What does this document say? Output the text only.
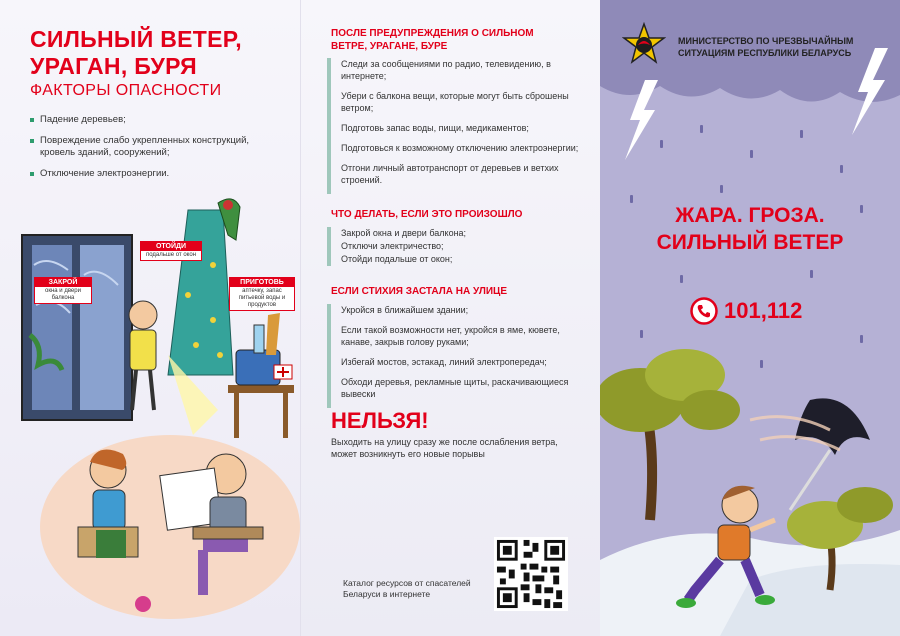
СИЛЬНЫЙ ВЕТЕР,
УРАГАН, БУРЯ
ФАКТОРЫ ОПАСНОСТИ
Падение деревьев;
Повреждение слабо укрепленных конструкций, кровель зданий, сооружений;
Отключение электроэнергии.
ЗАКРОЙ
окна и двери балкона
ОТОЙДИ
подальше от окон
ПРИГОТОВЬ
аптечку, запас питьевой воды и продуктов
ПОСЛЕ ПРЕДУПРЕЖДЕНИЯ О СИЛЬНОМ ВЕТРЕ, УРАГАНЕ, БУРЕ
Следи за сообщениями по радио, телевидению, в интернете;
Убери с балкона вещи, которые могут быть сброшены ветром;
Подготовь запас воды, пищи, медикаментов;
Подготовься к возможному отключению электроэнергии;
Отгони личный автотранспорт от деревьев и ветхих строений.
ЧТО ДЕЛАТЬ, ЕСЛИ ЭТО ПРОИЗОШЛО
Закрой окна и двери балкона;
Отключи электричество;
Отойди подальше от окон;
ЕСЛИ СТИХИЯ ЗАСТАЛА НА УЛИЦЕ
Укройся в ближайшем здании;
Если такой возможности нет, укройся в яме, кювете, канаве, закрыв голову руками;
Избегай мостов, эстакад, линий электропередач;
Обходи деревья, рекламные щиты, раскачивающиеся вывески
НЕЛЬЗЯ!
Выходить на улицу сразу же после ослабления ветра, может возникнуть его новые порывы
Каталог ресурсов от спасателей Беларуси в интернете
МИНИСТЕРСТВО ПО ЧРЕЗВЫЧАЙНЫМ СИТУАЦИЯМ РЕСПУБЛИКИ БЕЛАРУСЬ
ЖАРА. ГРОЗА.
СИЛЬНЫЙ ВЕТЕР
101,112
